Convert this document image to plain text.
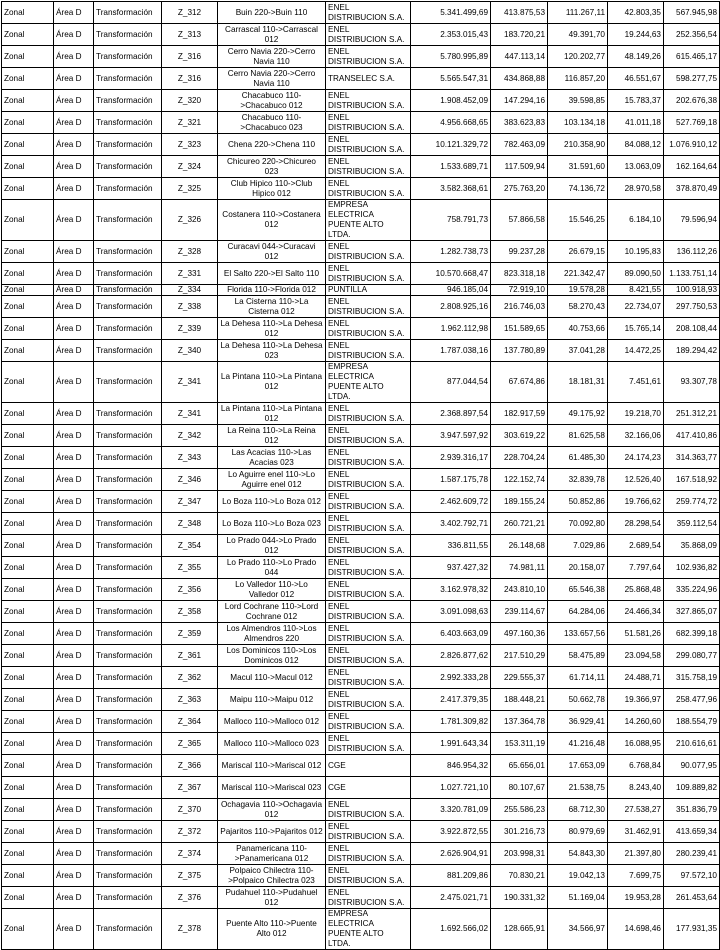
Zonal	Área D	Transformación	Z_312	Buin 220->Buin 110	ENEL DISTRIBUCION S.A.	5.341.499,69	413.875,53	111.267,11	42.803,35	567.945,98
Zonal	Área D	Transformación	Z_313	Carrascal 110->Carrascal 012	ENEL DISTRIBUCION S.A.	2.353.015,43	183.720,21	49.391,70	19.244,63	252.356,54
Zonal	Área D	Transformación	Z_316	Cerro Navia 220->Cerro Navia 110	ENEL DISTRIBUCION S.A.	5.780.995,89	447.113,14	120.202,77	48.149,26	615.465,17
Zonal	Área D	Transformación	Z_316	Cerro Navia 220->Cerro Navia 110	TRANSELEC S.A.	5.565.547,31	434.868,88	116.857,20	46.551,67	598.277,75
Zonal	Área D	Transformación	Z_320	Chacabuco 110->Chacabuco 012	ENEL DISTRIBUCION S.A.	1.908.452,09	147.294,16	39.598,85	15.783,37	202.676,38
Zonal	Área D	Transformación	Z_321	Chacabuco 110->Chacabuco 023	ENEL DISTRIBUCION S.A.	4.956.668,65	383.623,83	103.134,18	41.011,18	527.769,18
Zonal	Área D	Transformación	Z_323	Chena 220->Chena 110	ENEL DISTRIBUCION S.A.	10.121.329,72	782.463,09	210.358,90	84.088,12	1.076.910,12
Zonal	Área D	Transformación	Z_324	Chicureo 220->Chicureo 023	ENEL DISTRIBUCION S.A.	1.533.689,71	117.509,94	31.591,60	13.063,09	162.164,64
Zonal	Área D	Transformación	Z_325	Club Hipico 110->Club Hipico 012	ENEL DISTRIBUCION S.A.	3.582.368,61	275.763,20	74.136,72	28.970,58	378.870,49
Zonal	Área D	Transformación	Z_326	Costanera 110->Costanera 012	EMPRESA ELECTRICA PUENTE ALTO LTDA.	758.791,73	57.866,58	15.546,25	6.184,10	79.596,94
Zonal	Área D	Transformación	Z_328	Curacavi 044->Curacavi 012	ENEL DISTRIBUCION S.A.	1.282.738,73	99.237,28	26.679,15	10.195,83	136.112,26
Zonal	Área D	Transformación	Z_331	El Salto 220->El Salto 110	ENEL DISTRIBUCION S.A.	10.570.668,47	823.318,18	221.342,47	89.090,50	1.133.751,14
Zonal	Área D	Transformación	Z_334	Florida 110->Florida 012	PUNTILLA	946.185,04	72.919,10	19.578,28	8.421,55	100.918,93
Zonal	Área D	Transformación	Z_338	La Cisterna 110->La Cisterna 012	ENEL DISTRIBUCION S.A.	2.808.925,16	216.746,03	58.270,43	22.734,07	297.750,53
Zonal	Área D	Transformación	Z_339	La Dehesa 110->La Dehesa 012	ENEL DISTRIBUCION S.A.	1.962.112,98	151.589,65	40.753,66	15.765,14	208.108,44
Zonal	Área D	Transformación	Z_340	La Dehesa 110->La Dehesa 023	ENEL DISTRIBUCION S.A.	1.787.038,16	137.780,89	37.041,28	14.472,25	189.294,42
Zonal	Área D	Transformación	Z_341	La Pintana 110->La Pintana 012	EMPRESA ELECTRICA PUENTE ALTO LTDA.	877.044,54	67.674,86	18.181,31	7.451,61	93.307,78
Zonal	Área D	Transformación	Z_341	La Pintana 110->La Pintana 012	ENEL DISTRIBUCION S.A.	2.368.897,54	182.917,59	49.175,92	19.218,70	251.312,21
Zonal	Área D	Transformación	Z_342	La Reina 110->La Reina 012	ENEL DISTRIBUCION S.A.	3.947.597,92	303.619,22	81.625,58	32.166,06	417.410,86
Zonal	Área D	Transformación	Z_343	Las Acacias 110->Las Acacias 023	ENEL DISTRIBUCION S.A.	2.939.316,17	228.704,24	61.485,30	24.174,23	314.363,77
Zonal	Área D	Transformación	Z_346	Lo Aguirre enel 110->Lo Aguirre enel 012	ENEL DISTRIBUCION S.A.	1.587.175,78	122.152,74	32.839,78	12.526,40	167.518,92
Zonal	Área D	Transformación	Z_347	Lo Boza 110->Lo Boza 012	ENEL DISTRIBUCION S.A.	2.462.609,72	189.155,24	50.852,86	19.766,62	259.774,72
Zonal	Área D	Transformación	Z_348	Lo Boza 110->Lo Boza 023	ENEL DISTRIBUCION S.A.	3.402.792,71	260.721,21	70.092,80	28.298,54	359.112,54
Zonal	Área D	Transformación	Z_354	Lo Prado 044->Lo Prado 012	ENEL DISTRIBUCION S.A.	336.811,55	26.148,68	7.029,86	2.689,54	35.868,09
Zonal	Área D	Transformación	Z_355	Lo Prado 110->Lo Prado 044	ENEL DISTRIBUCION S.A.	937.427,32	74.981,11	20.158,07	7.797,64	102.936,82
Zonal	Área D	Transformación	Z_356	Lo Valledor 110->Lo Valledor 012	ENEL DISTRIBUCION S.A.	3.162.978,32	243.810,10	65.546,38	25.868,48	335.224,96
Zonal	Área D	Transformación	Z_358	Lord Cochrane 110->Lord Cochrane 012	ENEL DISTRIBUCION S.A.	3.091.098,63	239.114,67	64.284,06	24.466,34	327.865,07
Zonal	Área D	Transformación	Z_359	Los Almendros 110->Los Almendros 220	ENEL DISTRIBUCION S.A.	6.403.663,09	497.160,36	133.657,56	51.581,26	682.399,18
Zonal	Área D	Transformación	Z_361	Los Dominicos 110->Los Dominicos 012	ENEL DISTRIBUCION S.A.	2.826.877,62	217.510,29	58.475,89	23.094,58	299.080,77
Zonal	Área D	Transformación	Z_362	Macul 110->Macul 012	ENEL DISTRIBUCION S.A.	2.992.333,28	229.555,37	61.714,11	24.488,71	315.758,19
Zonal	Área D	Transformación	Z_363	Maipu 110->Maipu 012	ENEL DISTRIBUCION S.A.	2.417.379,35	188.448,21	50.662,78	19.366,97	258.477,96
Zonal	Área D	Transformación	Z_364	Malloco 110->Malloco 012	ENEL DISTRIBUCION S.A.	1.781.309,82	137.364,78	36.929,41	14.260,60	188.554,79
Zonal	Área D	Transformación	Z_365	Malloco 110->Malloco 023	ENEL DISTRIBUCION S.A.	1.991.643,34	153.311,19	41.216,48	16.088,95	210.616,61
Zonal	Área D	Transformación	Z_366	Mariscal 110->Mariscal 012	CGE	846.954,32	65.656,01	17.653,09	6.768,84	90.077,95
Zonal	Área D	Transformación	Z_367	Mariscal 110->Mariscal 023	CGE	1.027.721,10	80.107,67	21.538,75	8.243,40	109.889,82
Zonal	Área D	Transformación	Z_370	Ochagavia 110->Ochagavia 012	ENEL DISTRIBUCION S.A.	3.320.781,09	255.586,23	68.712,30	27.538,27	351.836,79
Zonal	Área D	Transformación	Z_372	Pajaritos 110->Pajaritos 012	ENEL DISTRIBUCION S.A.	3.922.872,55	301.216,73	80.979,69	31.462,91	413.659,34
Zonal	Área D	Transformación	Z_374	Panamericana 110->Panamericana 012	ENEL DISTRIBUCION S.A.	2.626.904,91	203.998,31	54.843,30	21.397,80	280.239,41
Zonal	Área D	Transformación	Z_375	Polpaico Chilectra 110->Polpaico Chilectra 023	ENEL DISTRIBUCION S.A.	881.209,86	70.830,21	19.042,13	7.699,75	97.572,10
Zonal	Área D	Transformación	Z_376	Pudahuel 110->Pudahuel 012	ENEL DISTRIBUCION S.A.	2.475.021,71	190.331,32	51.169,04	19.953,28	261.453,64
Zonal	Área D	Transformación	Z_378	Puente Alto 110->Puente Alto 012	EMPRESA ELECTRICA PUENTE ALTO LTDA.	1.692.566,02	128.665,91	34.566,97	14.698,46	177.931,35
